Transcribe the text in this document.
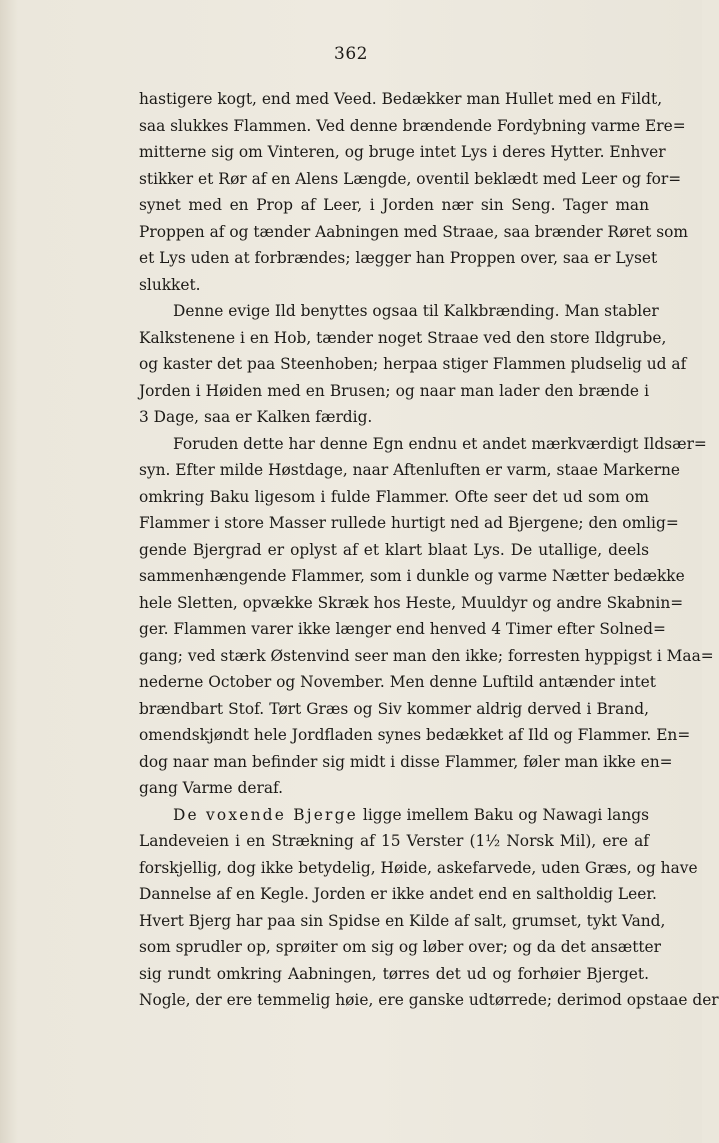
362
hastigere kogt, end med Veed. Bedækker man Hullet med en Fildt,
saa slukkes Flammen. Ved denne brændende Fordybning varme Ere=
mitterne sig om Vinteren, og bruge intet Lys i deres Hytter. Enhver
stikker et Rør af en Alens Længde, oventil beklædt med Leer og for=
synet med en Prop af Leer, i Jorden nær sin Seng. Tager man
Proppen af og tænder Aabningen med Straae, saa brænder Røret som
et Lys uden at forbrændes; lægger han Proppen over, saa er Lyset
slukket.
Denne evige Ild benyttes ogsaa til Kalkbrænding. Man stabler
Kalkstenene i en Hob, tænder noget Straae ved den store Ildgrube,
og kaster det paa Steenhoben; herpaa stiger Flammen pludselig ud af
Jorden i Høiden med en Brusen; og naar man lader den brænde i
3 Dage, saa er Kalken færdig.
Foruden dette har denne Egn endnu et andet mærkværdigt Ildsær=
syn. Efter milde Høstdage, naar Aftenluften er varm, staae Markerne
omkring Baku ligesom i fulde Flammer. Ofte seer det ud som om
Flammer i store Masser rullede hurtigt ned ad Bjergene; den omlig=
gende Bjergrad er oplyst af et klart blaat Lys. De utallige, deels
sammenhængende Flammer, som i dunkle og varme Nætter bedække
hele Sletten, opvække Skræk hos Heste, Muuldyr og andre Skabnin=
ger. Flammen varer ikke længer end henved 4 Timer efter Solned=
gang; ved stærk Østenvind seer man den ikke; forresten hyppigst i Maa=
nederne October og November. Men denne Luftild antænder intet
brændbart Stof. Tørt Græs og Siv kommer aldrig derved i Brand,
omendskjøndt hele Jordfladen synes bedækket af Ild og Flammer. En=
dog naar man befinder sig midt i disse Flammer, føler man ikke en=
gang Varme deraf.
De voxende Bjerge ligge imellem Baku og Nawagi langs
Landeveien i en Strækning af 15 Verster (1½ Norsk Mil), ere af
forskjellig, dog ikke betydelig, Høide, askefarvede, uden Græs, og have
Dannelse af en Kegle. Jorden er ikke andet end en saltholdig Leer.
Hvert Bjerg har paa sin Spidse en Kilde af salt, grumset, tykt Vand,
som sprudler op, sprøiter om sig og løber over; og da det ansætter
sig rundt omkring Aabningen, tørres det ud og forhøier Bjerget.
Nogle, der ere temmelig høie, ere ganske udtørrede; derimod opstaae der
